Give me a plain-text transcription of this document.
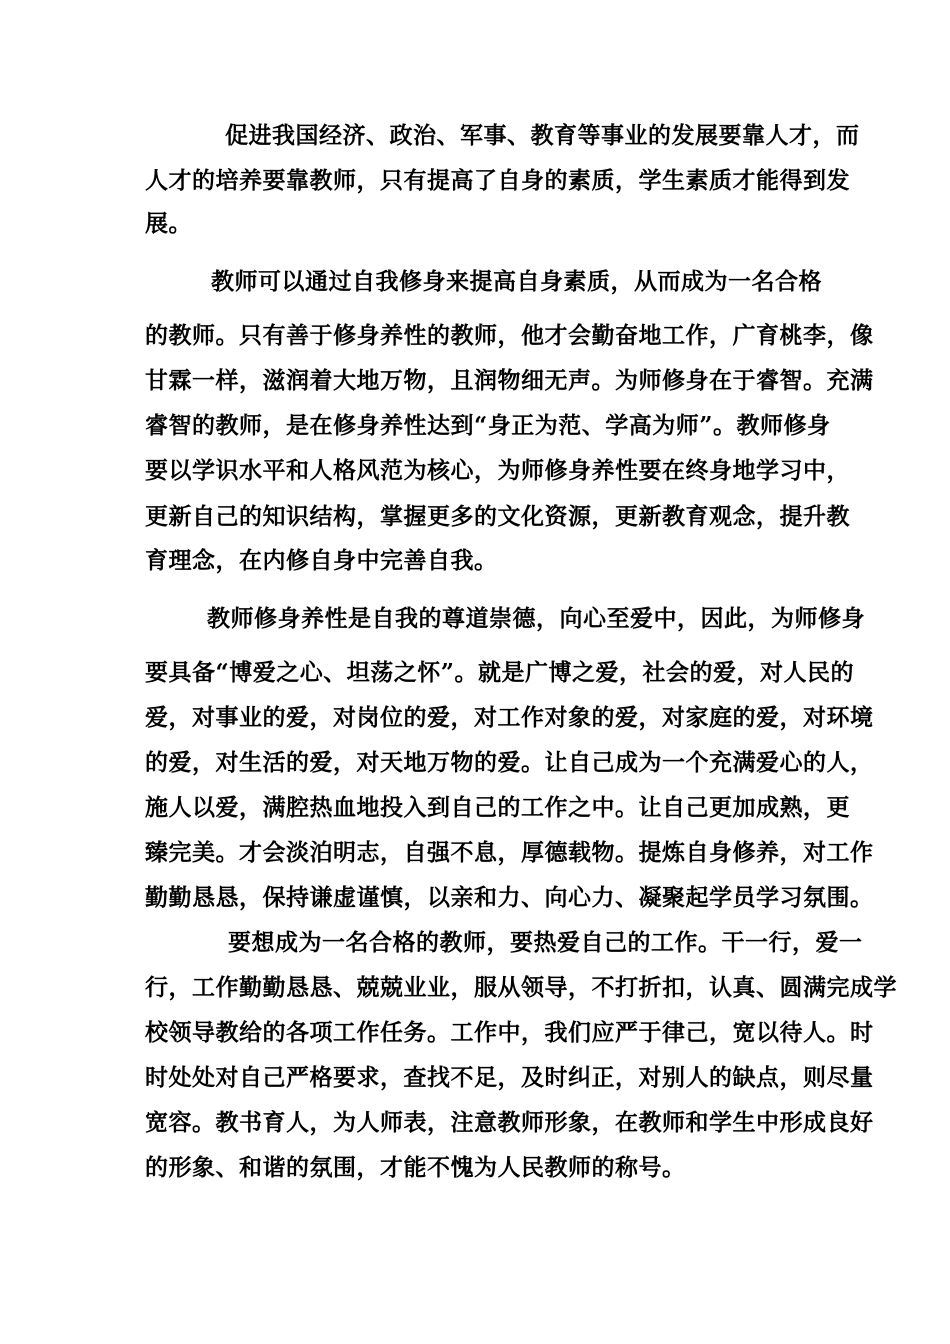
促进我国经济、政治、军事、教育等事业的发展要靠人才，而
人才的培养要靠教师，只有提高了自身的素质，学生素质才能得到发
展。
教师可以通过自我修身来提高自身素质，从而成为一名合格
的教师。只有善于修身养性的教师，他才会勤奋地工作，广育桃李，像
甘霖一样，滋润着大地万物，且润物细无声。为师修身在于睿智。充满
睿智的教师，是在修身养性达到“身正为范、学高为师”。教师修身
要以学识水平和人格风范为核心，为师修身养性要在终身地学习中，
更新自己的知识结构，掌握更多的文化资源，更新教育观念，提升教
育理念，在内修自身中完善自我。
教师修身养性是自我的尊道崇德，向心至爱中，因此，为师修身
要具备“博爱之心、坦荡之怀”。就是广博之爱，社会的爱，对人民的
爱，对事业的爱，对岗位的爱，对工作对象的爱，对家庭的爱，对环境
的爱，对生活的爱，对天地万物的爱。让自己成为一个充满爱心的人，
施人以爱，满腔热血地投入到自己的工作之中。让自己更加成熟，更
臻完美。才会淡泊明志，自强不息，厚德载物。提炼自身修养，对工作
勤勤恳恳，保持谦虚谨慎，以亲和力、向心力、凝聚起学员学习氛围。
要想成为一名合格的教师，要热爱自己的工作。干一行，爱一
行，工作勤勤恳恳、兢兢业业，服从领导，不打折扣，认真、圆满完成学
校领导教给的各项工作任务。工作中，我们应严于律己，宽以待人。时
时处处对自己严格要求，查找不足，及时纠正，对别人的缺点，则尽量
宽容。教书育人，为人师表，注意教师形象，在教师和学生中形成良好
的形象、和谐的氛围，才能不愧为人民教师的称号。
